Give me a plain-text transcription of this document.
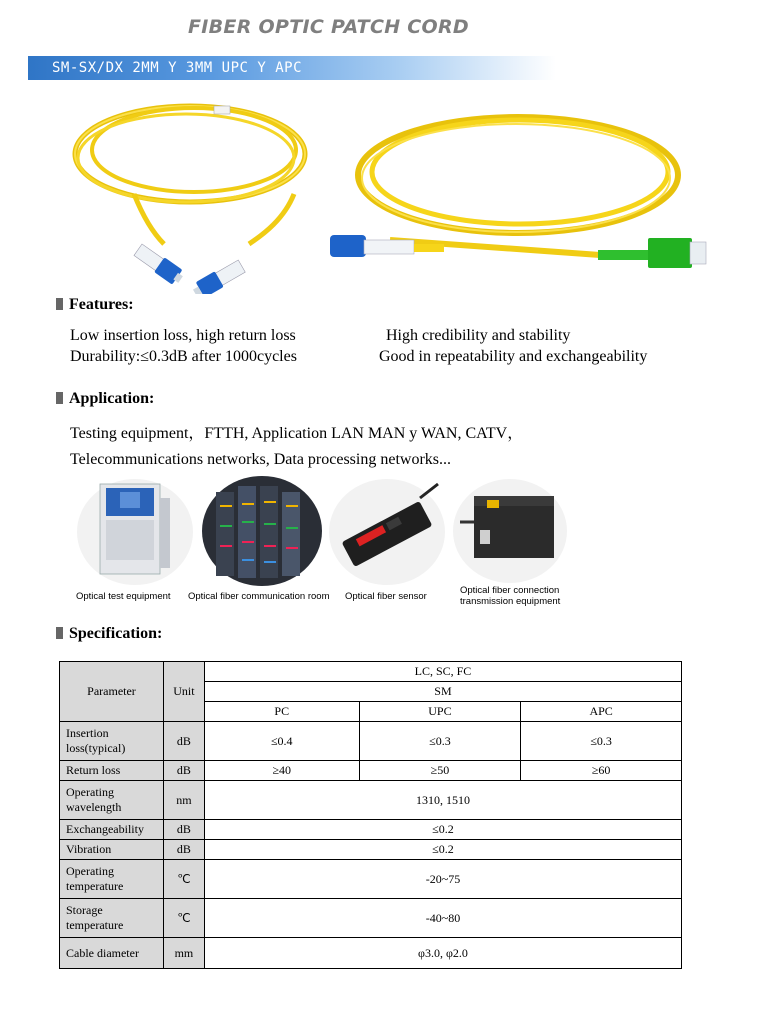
FIBER OPTIC PATCH CORD
SM-SX/DX 2MM Y 3MM UPC Y APC
Features:
Low insertion loss, high return loss	High credibility and stability
Durability:≤0.3dB after 1000cycles	Good in repeatability and exchangeability
Application:
Testing equipment，FTTH, Application LAN MAN y WAN, CATV，
Telecommunications networks, Data processing networks...
Optical test equipment Optical fiber communication room Optical fiber sensor
Optical fiber connection
transmission equipment
Specification:
Parameter	Unit	LC, SC, FC		
		SM		
		PC	UPC	APC
Insertion
loss(typical)	dB	≤0.4	≤0.3	≤0.3
Return loss	dB	≥40	≥50	≥60
Operating
wavelength	nm	1310, 1510		
Exchangeability	dB	≤0.2		
Vibration	dB	≤0.2		
Operating
temperature	℃	-20~75		
Storage
temperature	℃	-40~80		
Cable diameter	mm	φ3.0, φ2.0		
